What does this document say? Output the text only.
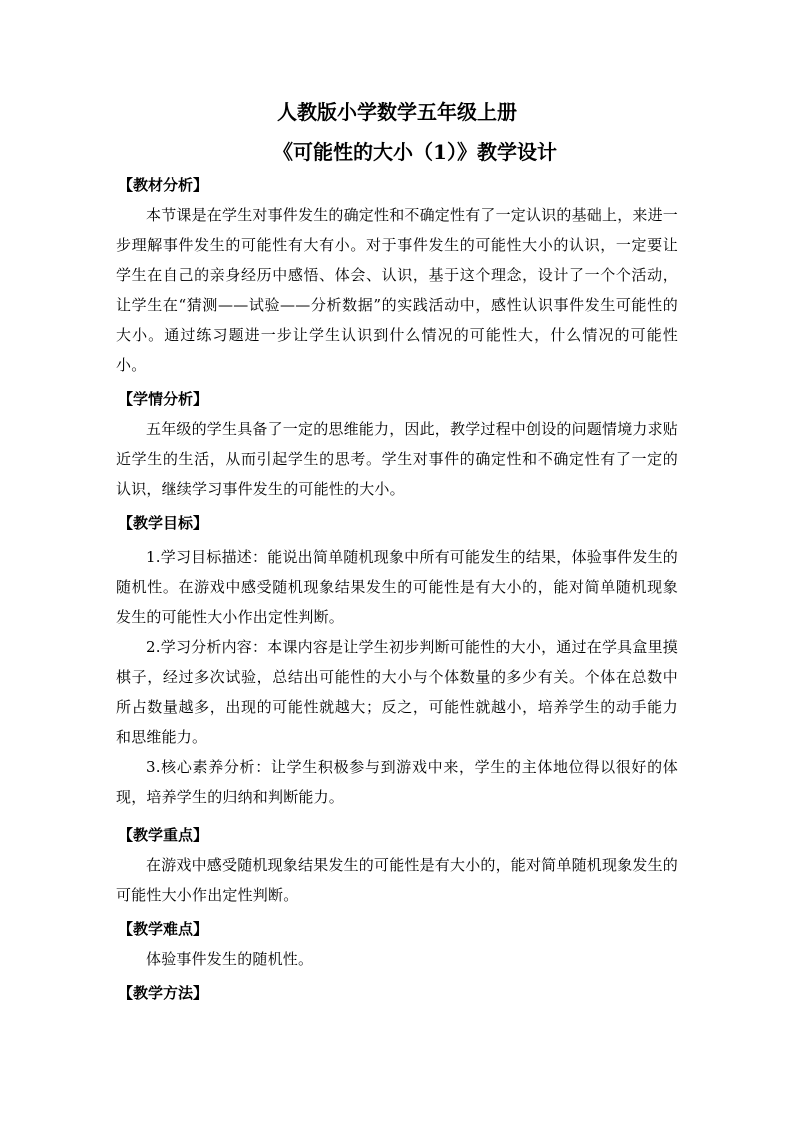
人教版小学数学五年级上册
《可能性的大小（1）》教学设计

【教材分析】

本节课是在学生对事件发生的确定性和不确定性有了一定认识的基础上，来进一步理解事件发生的可能性有大有小。对于事件发生的可能性大小的认识，一定要让学生在自己的亲身经历中感悟、体会、认识，基于这个理念，设计了一个个活动，让学生在“猜测——试验——分析数据”的实践活动中，感性认识事件发生可能性的大小。通过练习题进一步让学生认识到什么情况的可能性大，什么情况的可能性小。

【学情分析】

五年级的学生具备了一定的思维能力，因此，教学过程中创设的问题情境力求贴近学生的生活，从而引起学生的思考。学生对事件的确定性和不确定性有了一定的认识，继续学习事件发生的可能性的大小。

【教学目标】

1.学习目标描述：能说出简单随机现象中所有可能发生的结果，体验事件发生的随机性。在游戏中感受随机现象结果发生的可能性是有大小的，能对简单随机现象发生的可能性大小作出定性判断。

2.学习分析内容：本课内容是让学生初步判断可能性的大小，通过在学具盒里摸棋子，经过多次试验，总结出可能性的大小与个体数量的多少有关。个体在总数中所占数量越多，出现的可能性就越大；反之，可能性就越小，培养学生的动手能力和思维能力。

3.核心素养分析：让学生积极参与到游戏中来，学生的主体地位得以很好的体现，培养学生的归纳和判断能力。

【教学重点】

在游戏中感受随机现象结果发生的可能性是有大小的，能对简单随机现象发生的可能性大小作出定性判断。

【教学难点】

体验事件发生的随机性。

【教学方法】
